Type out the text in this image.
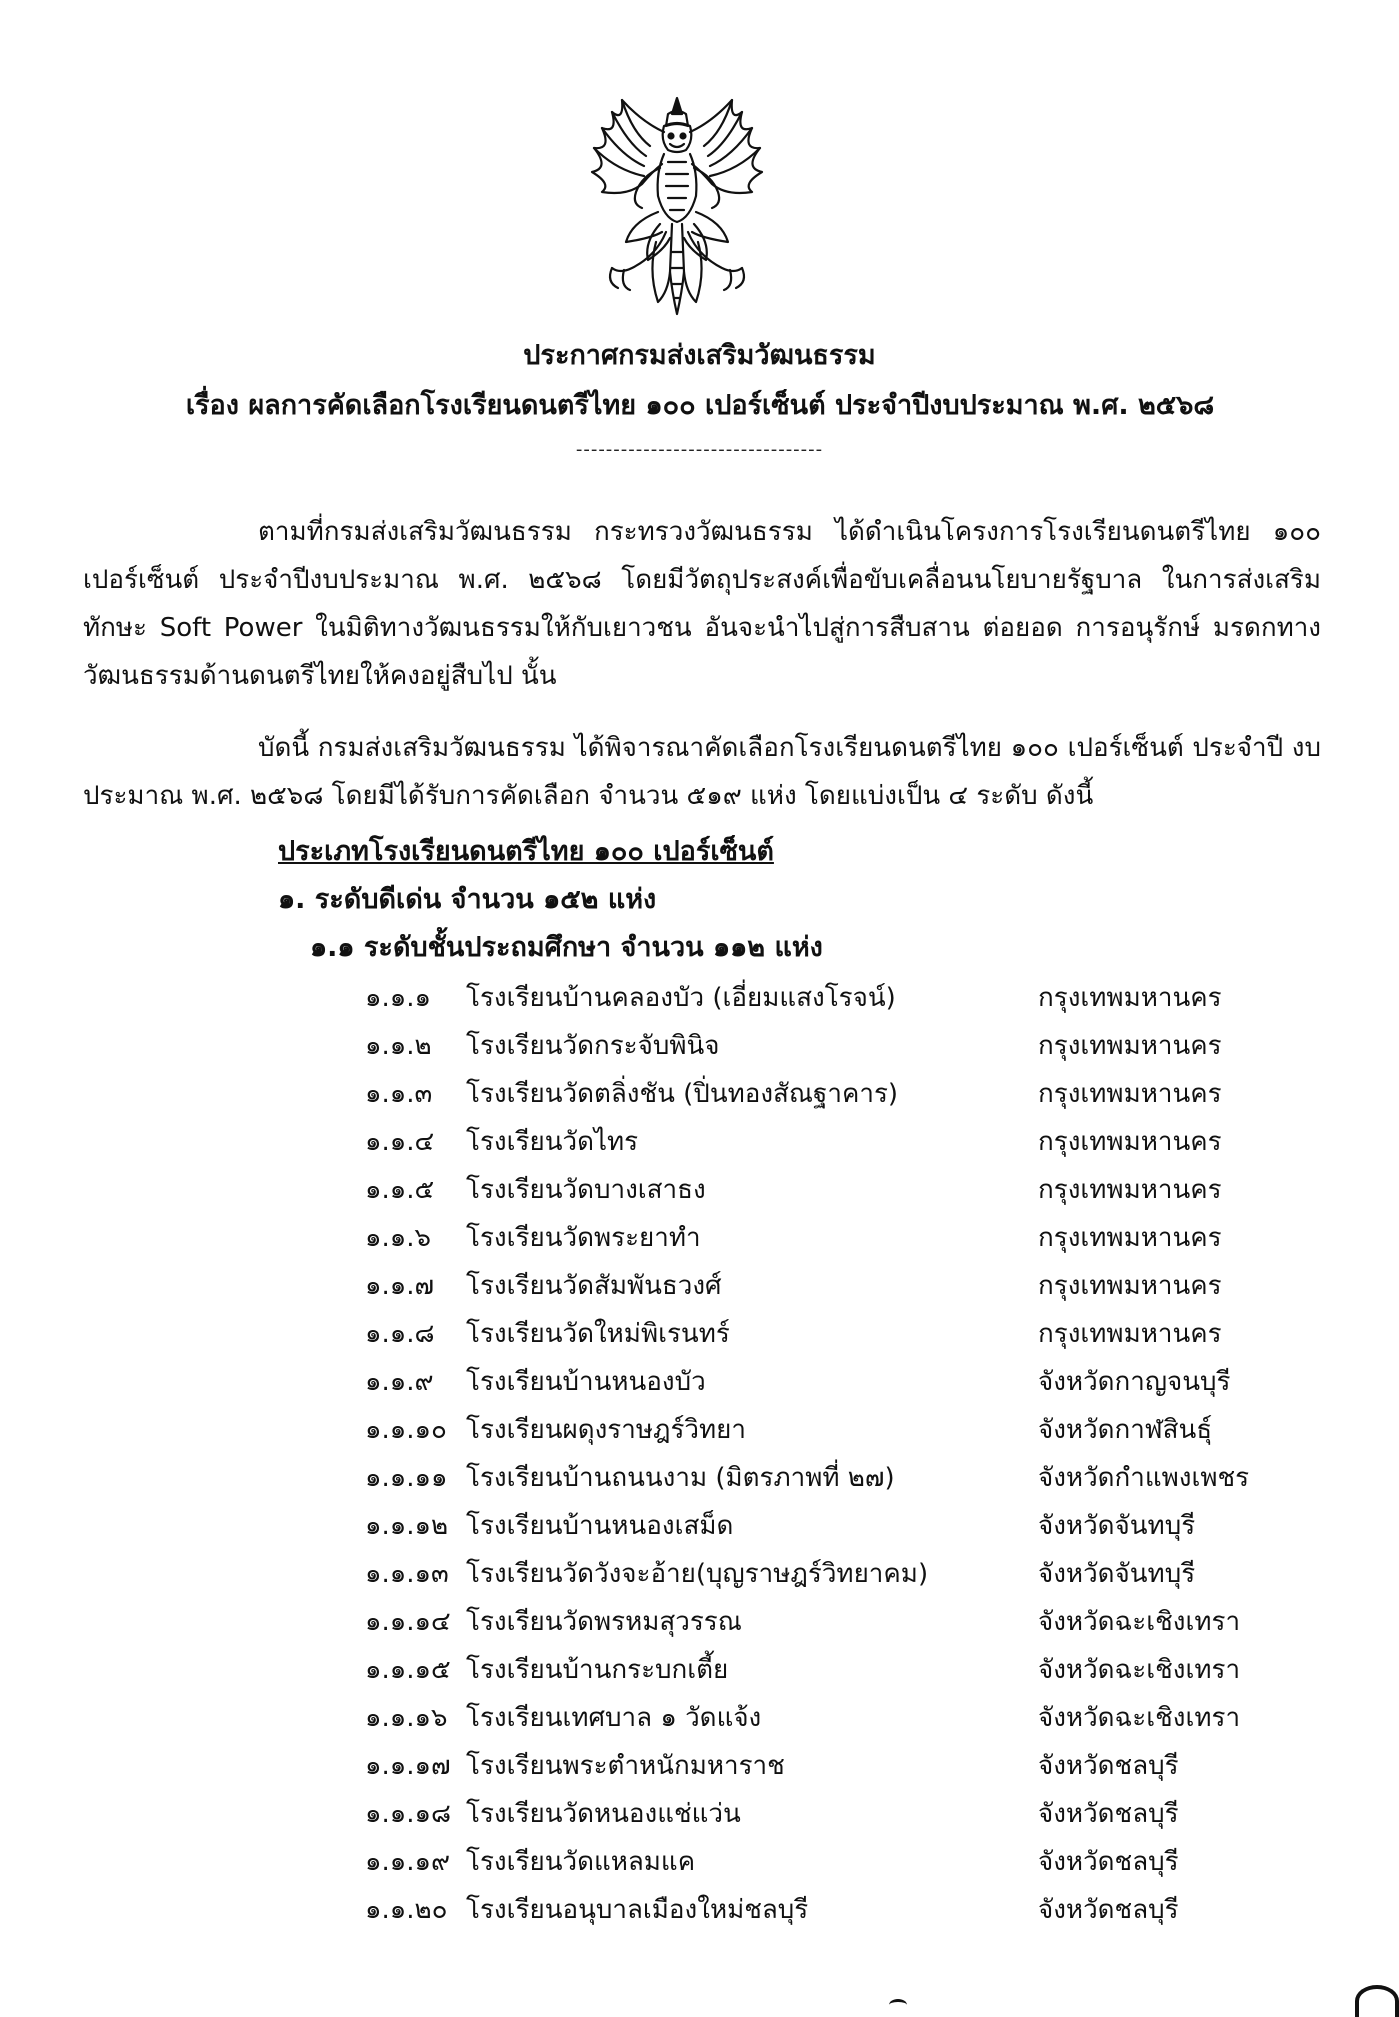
ประกาศกรมส่งเสริมวัฒนธรรม
เรื่อง ผลการคัดเลือกโรงเรียนดนตรีไทย ๑๐๐ เปอร์เซ็นต์ ประจำปีงบประมาณ พ.ศ. ๒๕๖๘
---------------------------------
ตามที่กรมส่งเสริมวัฒนธรรม กระทรวงวัฒนธรรม ได้ดำเนินโครงการโรงเรียนดนตรีไทย ๑๐๐ เปอร์เซ็นต์ ประจำปีงบประมาณ พ.ศ. ๒๕๖๘ โดยมีวัตถุประสงค์เพื่อขับเคลื่อนนโยบายรัฐบาล ในการส่งเสริมทักษะ Soft Power ในมิติทางวัฒนธรรมให้กับเยาวชน อันจะนำไปสู่การสืบสาน ต่อยอด การอนุรักษ์ มรดกทางวัฒนธรรมด้านดนตรีไทยให้คงอยู่สืบไป นั้น
บัดนี้ กรมส่งเสริมวัฒนธรรม ได้พิจารณาคัดเลือกโรงเรียนดนตรีไทย ๑๐๐ เปอร์เซ็นต์ ประจำปี งบประมาณ พ.ศ. ๒๕๖๘ โดยมีได้รับการคัดเลือก จำนวน ๕๑๙ แห่ง โดยแบ่งเป็น ๔ ระดับ ดังนี้
ประเภทโรงเรียนดนตรีไทย ๑๐๐ เปอร์เซ็นต์
๑. ระดับดีเด่น จำนวน ๑๕๒ แห่ง
๑.๑ ระดับชั้นประถมศึกษา จำนวน ๑๑๒ แห่ง
๑.๑.๑ โรงเรียนบ้านคลองบัว (เอี่ยมแสงโรจน์)	กรุงเทพมหานคร
๑.๑.๒ โรงเรียนวัดกระจับพินิจ	กรุงเทพมหานคร
๑.๑.๓ โรงเรียนวัดตลิ่งชัน (ปิ่นทองสัณฐาคาร)	กรุงเทพมหานคร
๑.๑.๔ โรงเรียนวัดไทร	กรุงเทพมหานคร
๑.๑.๕ โรงเรียนวัดบางเสาธง	กรุงเทพมหานคร
๑.๑.๖ โรงเรียนวัดพระยาทำ	กรุงเทพมหานคร
๑.๑.๗ โรงเรียนวัดสัมพันธวงศ์	กรุงเทพมหานคร
๑.๑.๘ โรงเรียนวัดใหม่พิเรนทร์	กรุงเทพมหานคร
๑.๑.๙ โรงเรียนบ้านหนองบัว	จังหวัดกาญจนบุรี
๑.๑.๑๐ โรงเรียนผดุงราษฎร์วิทยา	จังหวัดกาฬสินธุ์
๑.๑.๑๑ โรงเรียนบ้านถนนงาม (มิตรภาพที่ ๒๗)	จังหวัดกำแพงเพชร
๑.๑.๑๒ โรงเรียนบ้านหนองเสม็ด	จังหวัดจันทบุรี
๑.๑.๑๓ โรงเรียนวัดวังจะอ้าย(บุญราษฎร์วิทยาคม)	จังหวัดจันทบุรี
๑.๑.๑๔ โรงเรียนวัดพรหมสุวรรณ	จังหวัดฉะเชิงเทรา
๑.๑.๑๕ โรงเรียนบ้านกระบกเตี้ย	จังหวัดฉะเชิงเทรา
๑.๑.๑๖ โรงเรียนเทศบาล ๑ วัดแจ้ง	จังหวัดฉะเชิงเทรา
๑.๑.๑๗ โรงเรียนพระตำหนักมหาราช	จังหวัดชลบุรี
๑.๑.๑๘ โรงเรียนวัดหนองแช่แว่น	จังหวัดชลบุรี
๑.๑.๑๙ โรงเรียนวัดแหลมแค	จังหวัดชลบุรี
๑.๑.๒๐ โรงเรียนอนุบาลเมืองใหม่ชลบุรี	จังหวัดชลบุรี
